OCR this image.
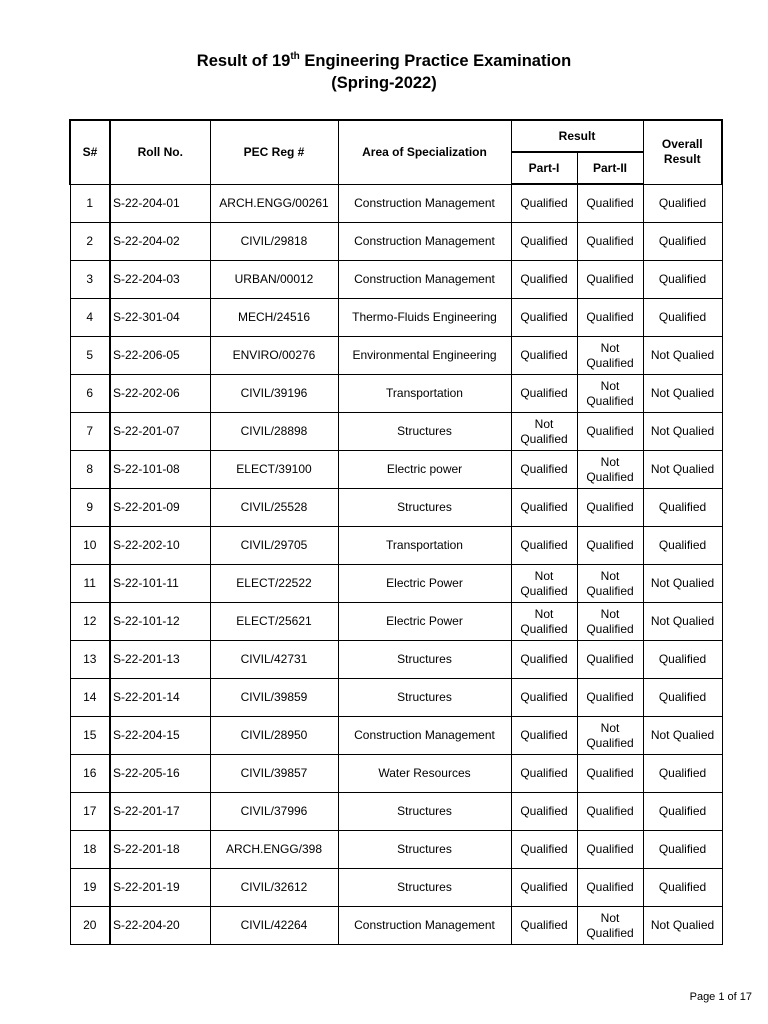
Result of 19th Engineering Practice Examination
(Spring-2022)
S#	Roll No.	PEC Reg #	Area of Specialization	Result		Overall Result
				Part-I	Part-II	
1	S-22-204-01	ARCH.ENGG/00261	Construction Management	Qualified	Qualified	Qualified
2	S-22-204-02	CIVIL/29818	Construction Management	Qualified	Qualified	Qualified
3	S-22-204-03	URBAN/00012	Construction Management	Qualified	Qualified	Qualified
4	S-22-301-04	MECH/24516	Thermo-Fluids Engineering	Qualified	Qualified	Qualified
5	S-22-206-05	ENVIRO/00276	Environmental Engineering	Qualified	Not Qualified	Not Qualied
6	S-22-202-06	CIVIL/39196	Transportation	Qualified	Not Qualified	Not Qualied
7	S-22-201-07	CIVIL/28898	Structures	Not Qualified	Qualified	Not Qualied
8	S-22-101-08	ELECT/39100	Electric power	Qualified	Not Qualified	Not Qualied
9	S-22-201-09	CIVIL/25528	Structures	Qualified	Qualified	Qualified
10	S-22-202-10	CIVIL/29705	Transportation	Qualified	Qualified	Qualified
11	S-22-101-11	ELECT/22522	Electric Power	Not Qualified	Not Qualified	Not Qualied
12	S-22-101-12	ELECT/25621	Electric Power	Not Qualified	Not Qualified	Not Qualied
13	S-22-201-13	CIVIL/42731	Structures	Qualified	Qualified	Qualified
14	S-22-201-14	CIVIL/39859	Structures	Qualified	Qualified	Qualified
15	S-22-204-15	CIVIL/28950	Construction Management	Qualified	Not Qualified	Not Qualied
16	S-22-205-16	CIVIL/39857	Water Resources	Qualified	Qualified	Qualified
17	S-22-201-17	CIVIL/37996	Structures	Qualified	Qualified	Qualified
18	S-22-201-18	ARCH.ENGG/398	Structures	Qualified	Qualified	Qualified
19	S-22-201-19	CIVIL/32612	Structures	Qualified	Qualified	Qualified
20	S-22-204-20	CIVIL/42264	Construction Management	Qualified	Not Qualified	Not Qualied
Page 1 of 17
